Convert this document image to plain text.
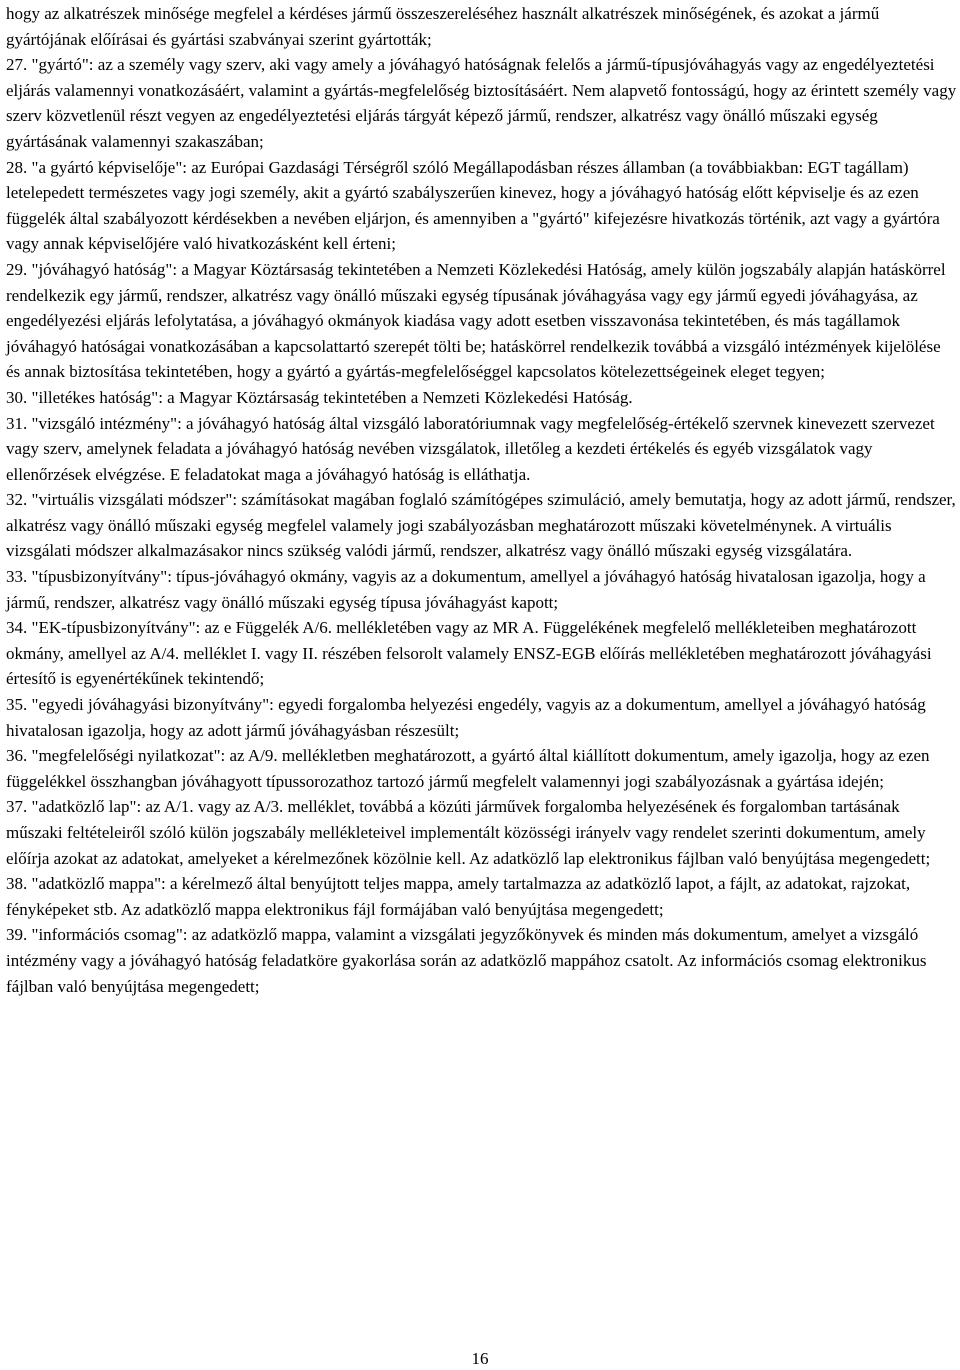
hogy az alkatrészek minősége megfelel a kérdéses jármű összeszereléséhez használt alkatrészek minőségének, és azokat a jármű gyártójának előírásai és gyártási szabványai szerint gyártották;

27. "gyártó": az a személy vagy szerv, aki vagy amely a jóváhagyó hatóságnak felelős a jármű-típusjóváhagyás vagy az engedélyeztetési eljárás valamennyi vonatkozásáért, valamint a gyártás-megfelelőség biztosításáért. Nem alapvető fontosságú, hogy az érintett személy vagy szerv közvetlenül részt vegyen az engedélyeztetési eljárás tárgyát képező jármű, rendszer, alkatrész vagy önálló műszaki egység gyártásának valamennyi szakaszában;

28. "a gyártó képviselője": az Európai Gazdasági Térségről szóló Megállapodásban részes államban (a továbbiakban: EGT tagállam) letelepedett természetes vagy jogi személy, akit a gyártó szabályszerűen kinevez, hogy a jóváhagyó hatóság előtt képviselje és az ezen függelék által szabályozott kérdésekben a nevében eljárjon, és amennyiben a "gyártó" kifejezésre hivatkozás történik, azt vagy a gyártóra vagy annak képviselőjére való hivatkozásként kell érteni;

29. "jóváhagyó hatóság": a Magyar Köztársaság tekintetében a Nemzeti Közlekedési Hatóság, amely külön jogszabály alapján hatáskörrel rendelkezik egy jármű, rendszer, alkatrész vagy önálló műszaki egység típusának jóváhagyása vagy egy jármű egyedi jóváhagyása, az engedélyezési eljárás lefolytatása, a jóváhagyó okmányok kiadása vagy adott esetben visszavonása tekintetében, és más tagállamok jóváhagyó hatóságai vonatkozásában a kapcsolattartó szerepét tölti be; hatáskörrel rendelkezik továbbá a vizsgáló intézmények kijelölése és annak biztosítása tekintetében, hogy a gyártó a gyártás-megfelelőséggel kapcsolatos kötelezettségeinek eleget tegyen;

30. "illetékes hatóság": a Magyar Köztársaság tekintetében a Nemzeti Közlekedési Hatóság.

31. "vizsgáló intézmény": a jóváhagyó hatóság által vizsgáló laboratóriumnak vagy megfelelőség-értékelő szervnek kinevezett szervezet vagy szerv, amelynek feladata a jóváhagyó hatóság nevében vizsgálatok, illetőleg a kezdeti értékelés és egyéb vizsgálatok vagy ellenőrzések elvégzése. E feladatokat maga a jóváhagyó hatóság is elláthatja.

32. "virtuális vizsgálati módszer": számításokat magában foglaló számítógépes szimuláció, amely bemutatja, hogy az adott jármű, rendszer, alkatrész vagy önálló műszaki egység megfelel valamely jogi szabályozásban meghatározott műszaki követelménynek. A virtuális vizsgálati módszer alkalmazásakor nincs szükség valódi jármű, rendszer, alkatrész vagy önálló műszaki egység vizsgálatára.

33. "típusbizonyítvány": típus-jóváhagyó okmány, vagyis az a dokumentum, amellyel a jóváhagyó hatóság hivatalosan igazolja, hogy a jármű, rendszer, alkatrész vagy önálló műszaki egység típusa jóváhagyást kapott;

34. "EK-típusbizonyítvány": az e Függelék A/6. mellékletében vagy az MR A. Függelékének megfelelő mellékleteiben meghatározott okmány, amellyel az A/4. melléklet I. vagy II. részében felsorolt valamely ENSZ-EGB előírás mellékletében meghatározott jóváhagyási értesítő is egyenértékűnek tekintendő;

35. "egyedi jóváhagyási bizonyítvány": egyedi forgalomba helyezési engedély, vagyis az a dokumentum, amellyel a jóváhagyó hatóság hivatalosan igazolja, hogy az adott jármű jóváhagyásban részesült;

36. "megfelelőségi nyilatkozat": az A/9. mellékletben meghatározott, a gyártó által kiállított dokumentum, amely igazolja, hogy az ezen függelékkel összhangban jóváhagyott típussorozathoz tartozó jármű megfelelt valamennyi jogi szabályozásnak a gyártása idején;

37. "adatközlő lap": az A/1. vagy az A/3. melléklet, továbbá a közúti járművek forgalomba helyezésének és forgalomban tartásának műszaki feltételeiről szóló külön jogszabály mellékleteivel implementált közösségi irányelv vagy rendelet szerinti dokumentum, amely előírja azokat az adatokat, amelyeket a kérelmezőnek közölnie kell. Az adatközlő lap elektronikus fájlban való benyújtása megengedett;

38. "adatközlő mappa": a kérelmező által benyújtott teljes mappa, amely tartalmazza az adatközlő lapot, a fájlt, az adatokat, rajzokat, fényképeket stb. Az adatközlő mappa elektronikus fájl formájában való benyújtása megengedett;

39. "információs csomag": az adatközlő mappa, valamint a vizsgálati jegyzőkönyvek és minden más dokumentum, amelyet a vizsgáló intézmény vagy a jóváhagyó hatóság feladatköre gyakorlása során az adatközlő mappához csatolt. Az információs csomag elektronikus fájlban való benyújtása megengedett;

16
